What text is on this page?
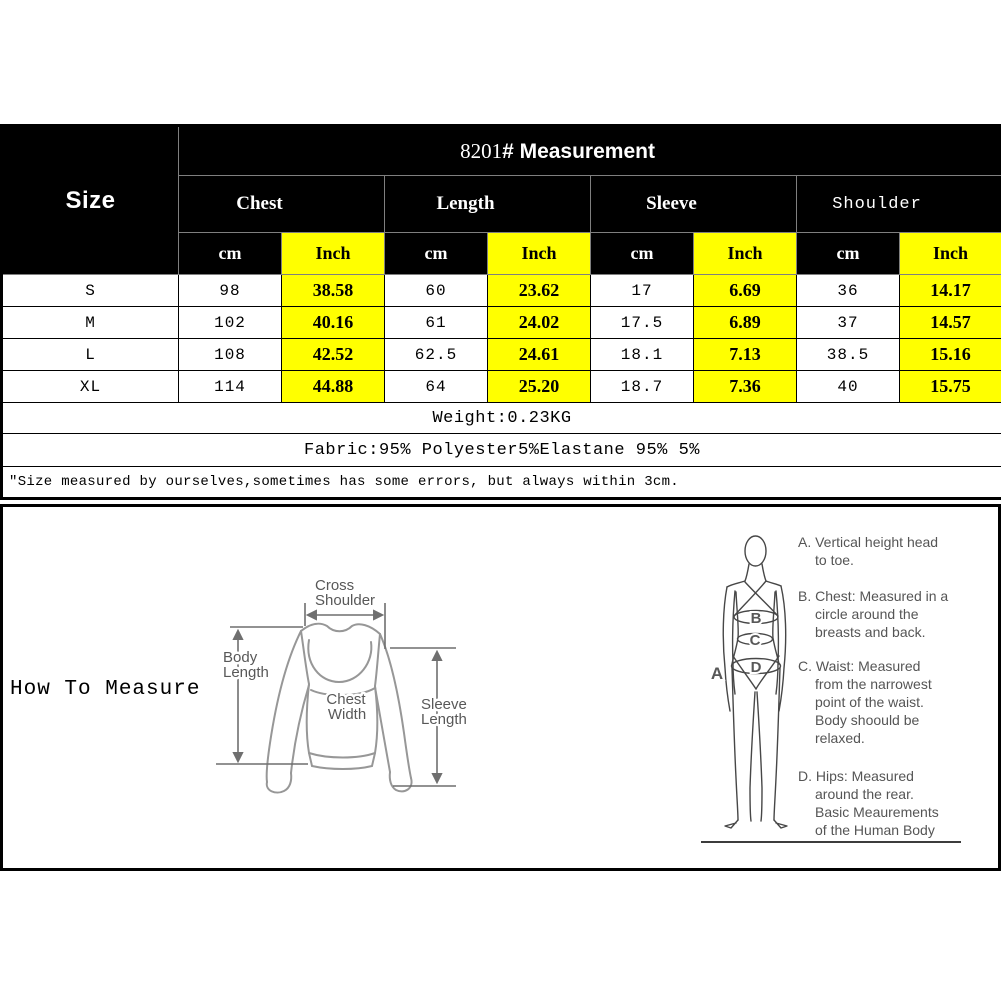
Size	8201# Measurement							
	Chest		Length		Sleeve		Shoulder	
	cm	Inch	cm	Inch	cm	Inch	cm	Inch
S	98	38.58	60	23.62	17	6.69	36	14.17
M	102	40.16	61	24.02	17.5	6.89	37	14.57
L	108	42.52	62.5	24.61	18.1	7.13	38.5	15.16
XL	114	44.88	64	25.20	18.7	7.36	40	15.75
Weight:0.23KG								
Fabric:95% Polyester5%Elastane 95% 5%								
″Size measured by ourselves,sometimes has some errors, but always within 3cm.								
How To Measure
Cross
Shoulder
Body
Length
Chest
Width
Sleeve
Length
A
B
C
D
A. Vertical height head
to toe.
B. Chest: Measured in a
circle around the
breasts and back.
C. Waist: Measured
from the narrowest
point of the waist.
Body shoould be
relaxed.
D. Hips: Measured
around the rear.
Basic Meaurements
of the Human Body
